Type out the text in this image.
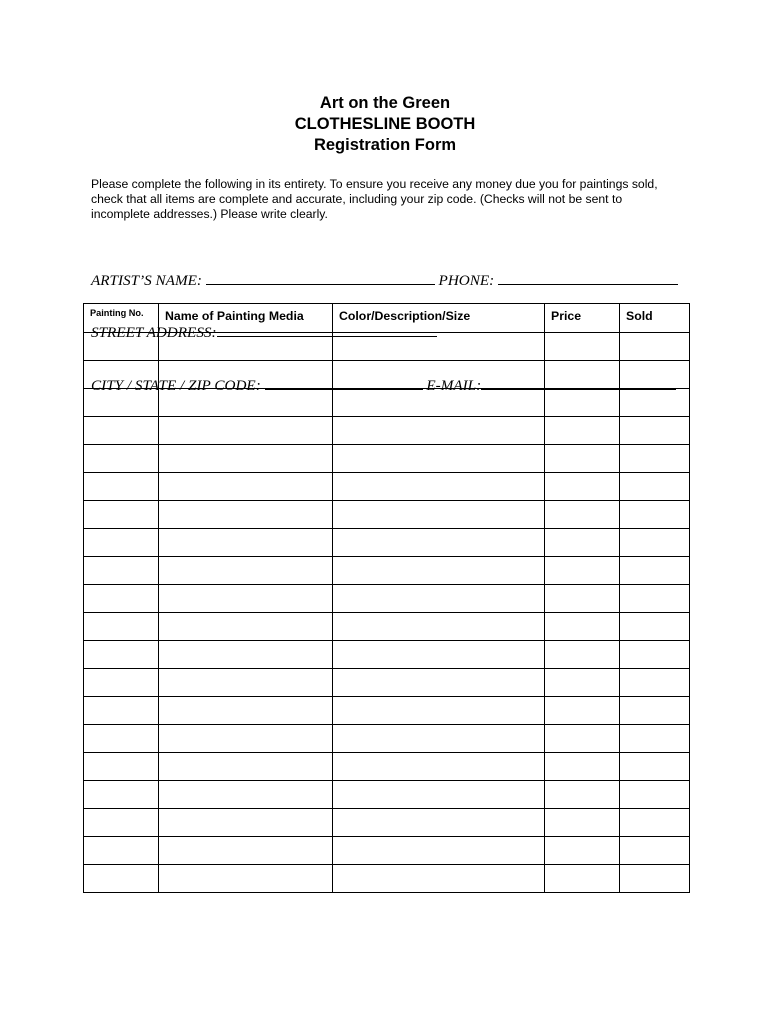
Art on the Green
CLOTHESLINE BOOTH
Registration Form
Please complete the following in its entirety. To ensure you receive any money due you for paintings sold,
check that all items are complete and accurate, including your zip code. (Checks will not be sent to
incomplete addresses.) Please write clearly.

ARTIST’S NAME:	PHONE:

STREET ADDRESS:

CITY / STATE / ZIP CODE:	E-MAIL:

Painting No.	Name of Painting Media	Color/Description/Size	Price	Sold
